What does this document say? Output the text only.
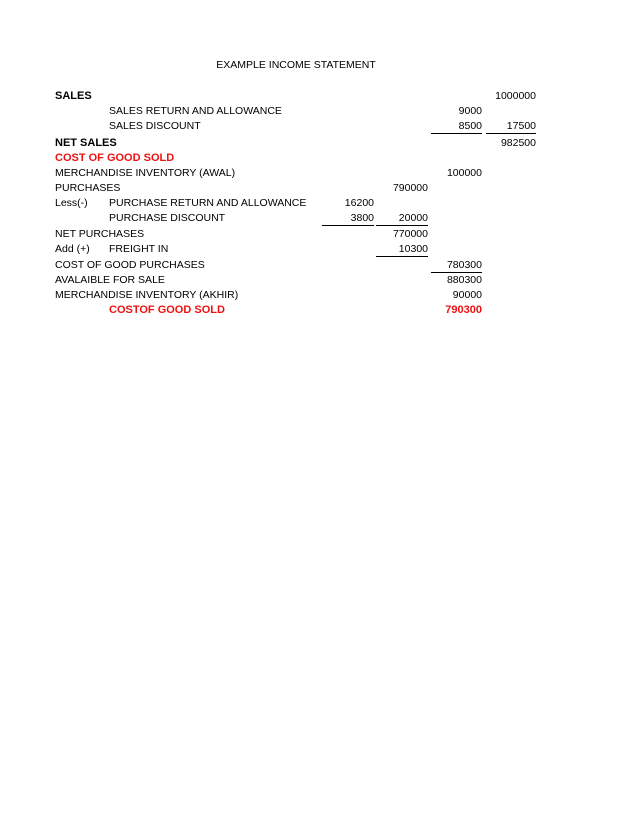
EXAMPLE INCOME STATEMENT
SALES	1000000
SALES RETURN AND ALLOWANCE	9000
SALES DISCOUNT	8500	17500
NET SALES	982500
COST OF GOOD SOLD
MERCHANDISE INVENTORY (AWAL)	100000
PURCHASES	790000
Less(-) PURCHASE RETURN AND ALLOWANCE	16200
PURCHASE DISCOUNT	3800	20000
NET PURCHASES	770000
Add (+) FREIGHT IN	10300
COST OF GOOD PURCHASES	780300
AVALAIBLE FOR SALE	880300
MERCHANDISE INVENTORY (AKHIR)	90000
COSTOF GOOD SOLD	790300
